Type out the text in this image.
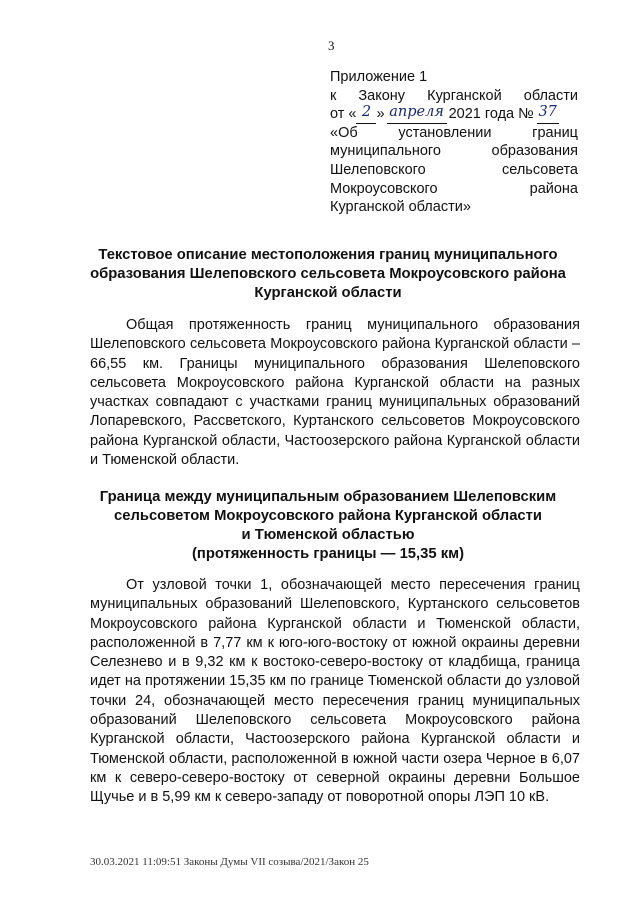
3
Приложение 1
к Закону Курганской области
от « 2 » апреля 2021 года № 37
«Об	установлении	границ
муниципального	образования
Шелеповского	сельсовета
Мокроусовского	района
Курганской области»
Текстовое описание местоположения границ муниципального образования Шелеповского сельсовета Мокроусовского района Курганской области

Общая протяженность границ муниципального образования Шелеповского сельсовета Мокроусовского района Курганской области – 66,55 км. Границы муниципального образования Шелеповского сельсовета Мокроусовского района Курганской области на разных участках совпадают с участками границ муниципальных образований Лопаревского, Рассветского, Куртанского сельсоветов Мокроусовского района Курганской области, Частоозерского района Курганской области и Тюменской области.

Граница между муниципальным образованием Шелеповским
сельсоветом Мокроусовского района Курганской области
и Тюменской областью
(протяженность границы — 15,35 км)

От узловой точки 1, обозначающей место пересечения границ муниципальных образований Шелеповского, Куртанского сельсоветов Мокроусовского района Курганской области и Тюменской области, расположенной в 7,77 км к юго-юго-востоку от южной окраины деревни Селезнево и в 9,32 км к востоко-северо-востоку от кладбища, граница идет на протяжении 15,35 км по границе Тюменской области до узловой точки 24, обозначающей место пересечения границ муниципальных образований Шелеповского сельсовета Мокроусовского района Курганской области, Частоозерского района Курганской области и Тюменской области, расположенной в южной части озера Черное в 6,07 км к северо-северо-востоку от северной окраины деревни Большое Щучье и в 5,99 км к северо-западу от поворотной опоры ЛЭП 10 кВ.

30.03.2021 11:09:51 Законы Думы VII созыва/2021/Закон 25
